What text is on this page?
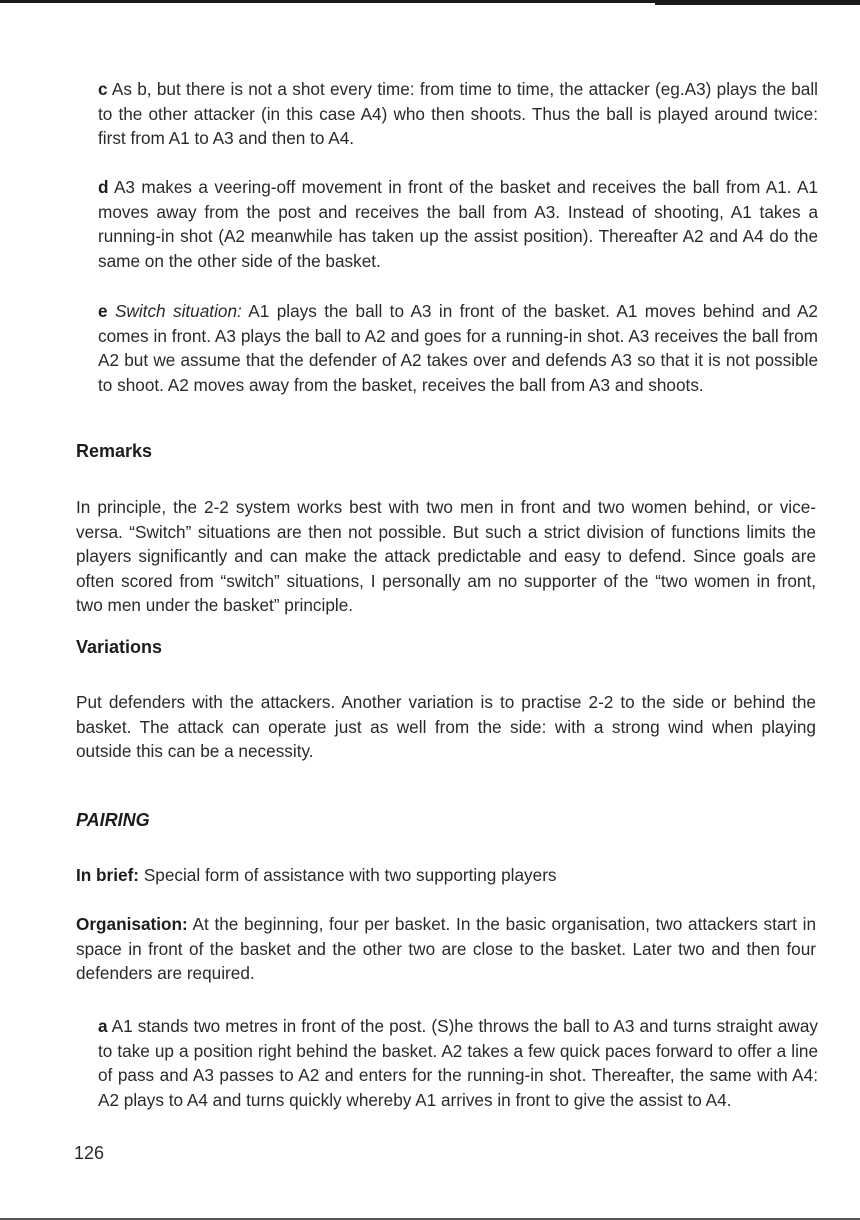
c As b, but there is not a shot every time: from time to time, the attacker (eg.A3) plays the ball to the other attacker (in this case A4) who then shoots. Thus the ball is played around twice: first from A1 to A3 and then to A4.

d A3 makes a veering-off movement in front of the basket and receives the ball from A1. A1 moves away from the post and receives the ball from A3. Instead of shooting, A1 takes a running-in shot (A2 meanwhile has taken up the assist position). Thereafter A2 and A4 do the same on the other side of the basket.

e Switch situation: A1 plays the ball to A3 in front of the basket. A1 moves behind and A2 comes in front. A3 plays the ball to A2 and goes for a running-in shot. A3 receives the ball from A2 but we assume that the defender of A2 takes over and defends A3 so that it is not possible to shoot. A2 moves away from the basket, receives the ball from A3 and shoots.

Remarks

In principle, the 2-2 system works best with two men in front and two women behind, or vice-versa. “Switch” situations are then not possible. But such a strict division of functions limits the players significantly and can make the attack predictable and easy to defend. Since goals are often scored from “switch” situations, I personally am no supporter of the “two women in front, two men under the basket” principle.

Variations

Put defenders with the attackers. Another variation is to practise 2-2 to the side or behind the basket. The attack can operate just as well from the side: with a strong wind when playing outside this can be a necessity.

PAIRING

In brief: Special form of assistance with two supporting players

Organisation: At the beginning, four per basket. In the basic organisation, two attackers start in space in front of the basket and the other two are close to the basket. Later two and then four defenders are required.

a A1 stands two metres in front of the post. (S)he throws the ball to A3 and turns straight away to take up a position right behind the basket. A2 takes a few quick paces forward to offer a line of pass and A3 passes to A2 and enters for the running-in shot. Thereafter, the same with A4: A2 plays to A4 and turns quickly whereby A1 arrives in front to give the assist to A4.

126
